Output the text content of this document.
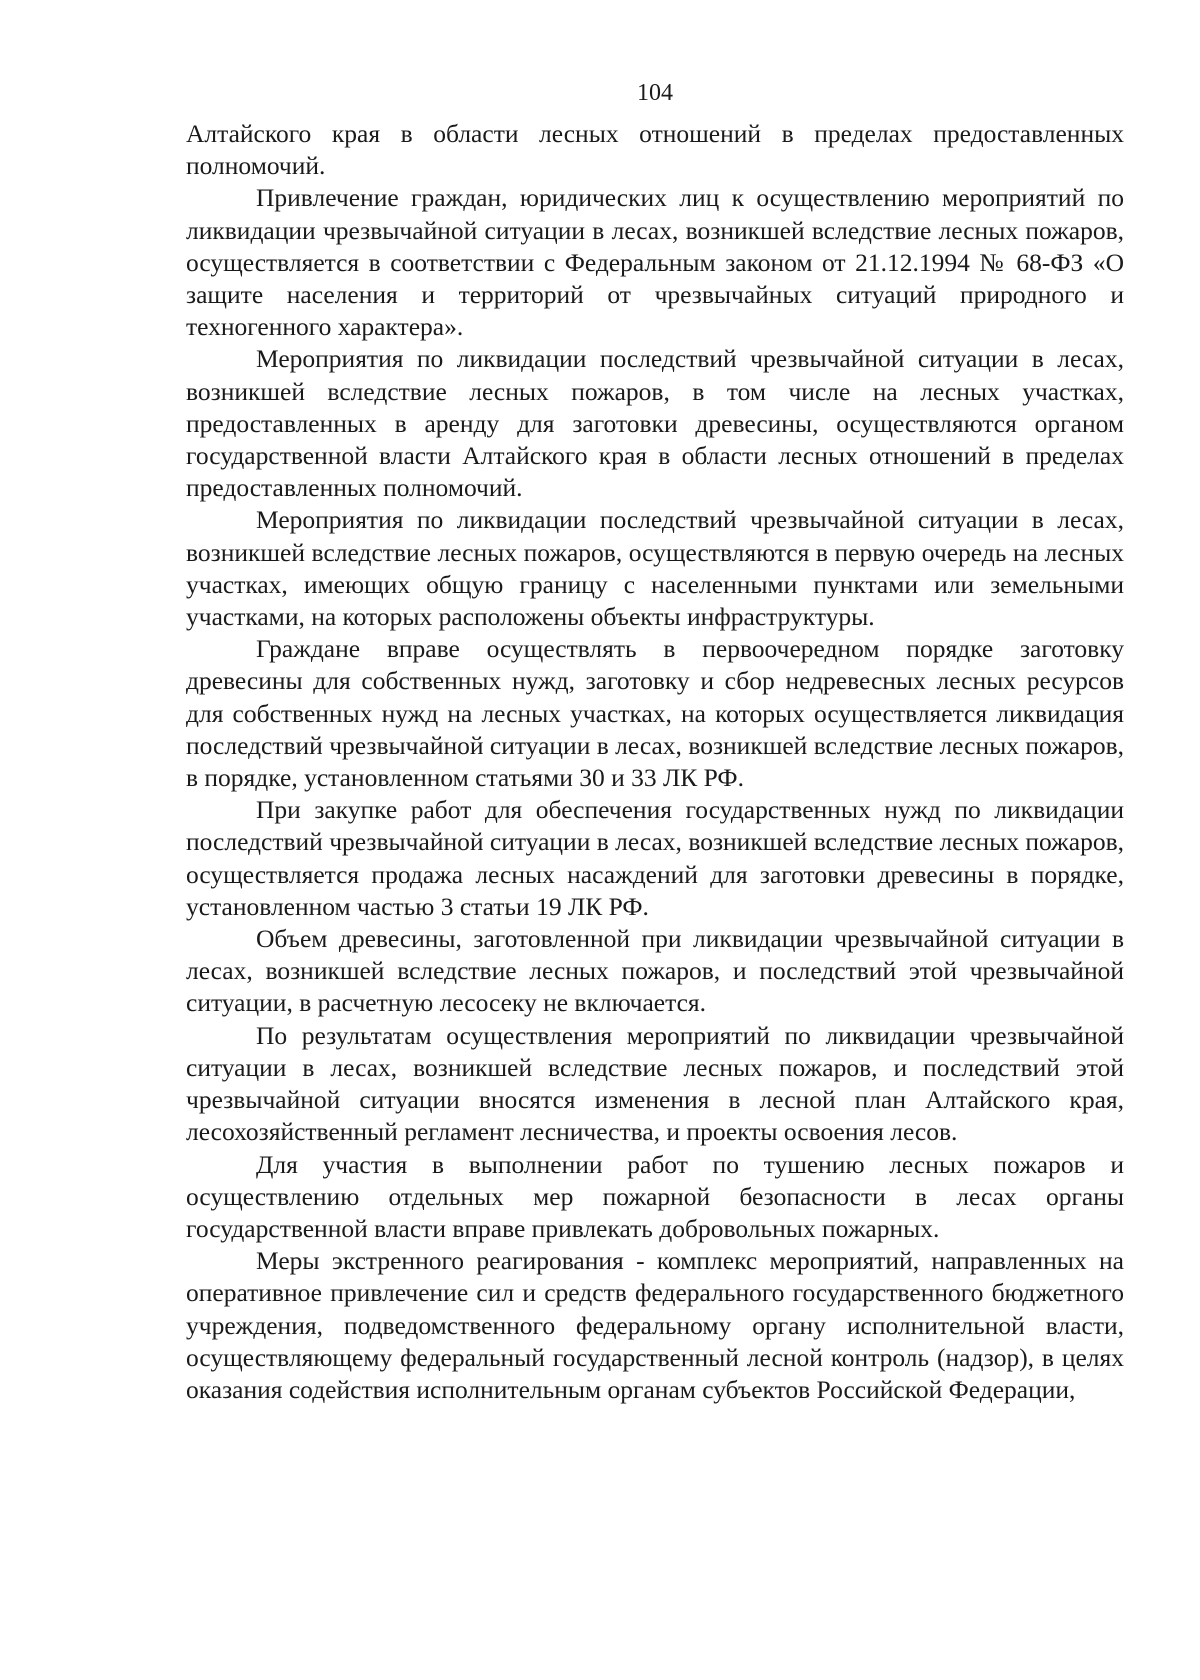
104

Алтайского края в области лесных отношений в пределах предоставленных полномочий.

Привлечение граждан, юридических лиц к осуществлению мероприятий по ликвидации чрезвычайной ситуации в лесах, возникшей вследствие лесных пожаров, осуществляется в соответствии с Федеральным законом от 21.12.1994 № 68-ФЗ «О защите населения и территорий от чрезвычайных ситуаций природного и техногенного характера».

Мероприятия по ликвидации последствий чрезвычайной ситуации в лесах, возникшей вследствие лесных пожаров, в том числе на лесных участках, предоставленных в аренду для заготовки древесины, осуществляются органом государственной власти Алтайского края в области лесных отношений в пределах предоставленных полномочий.

Мероприятия по ликвидации последствий чрезвычайной ситуации в лесах, возникшей вследствие лесных пожаров, осуществляются в первую очередь на лесных участках, имеющих общую границу с населенными пунктами или земельными участками, на которых расположены объекты инфраструктуры.

Граждане вправе осуществлять в первоочередном порядке заготовку древесины для собственных нужд, заготовку и сбор недревесных лесных ресурсов для собственных нужд на лесных участках, на которых осуществляется ликвидация последствий чрезвычайной ситуации в лесах, возникшей вследствие лесных пожаров, в порядке, установленном статьями 30 и 33 ЛК РФ.

При закупке работ для обеспечения государственных нужд по ликвидации последствий чрезвычайной ситуации в лесах, возникшей вследствие лесных пожаров, осуществляется продажа лесных насаждений для заготовки древесины в порядке, установленном частью 3 статьи 19 ЛК РФ.

Объем древесины, заготовленной при ликвидации чрезвычайной ситуации в лесах, возникшей вследствие лесных пожаров, и последствий этой чрезвычайной ситуации, в расчетную лесосеку не включается.

По результатам осуществления мероприятий по ликвидации чрезвычайной ситуации в лесах, возникшей вследствие лесных пожаров, и последствий этой чрезвычайной ситуации вносятся изменения в лесной план Алтайского края, лесохозяйственный регламент лесничества, и проекты освоения лесов.

Для участия в выполнении работ по тушению лесных пожаров и осуществлению отдельных мер пожарной безопасности в лесах органы государственной власти вправе привлекать добровольных пожарных.

Меры экстренного реагирования - комплекс мероприятий, направленных на оперативное привлечение сил и средств федерального государственного бюджетного учреждения, подведомственного федеральному органу исполнительной власти, осуществляющему федеральный государственный лесной контроль (надзор), в целях оказания содействия исполнительным органам субъектов Российской Федерации,
